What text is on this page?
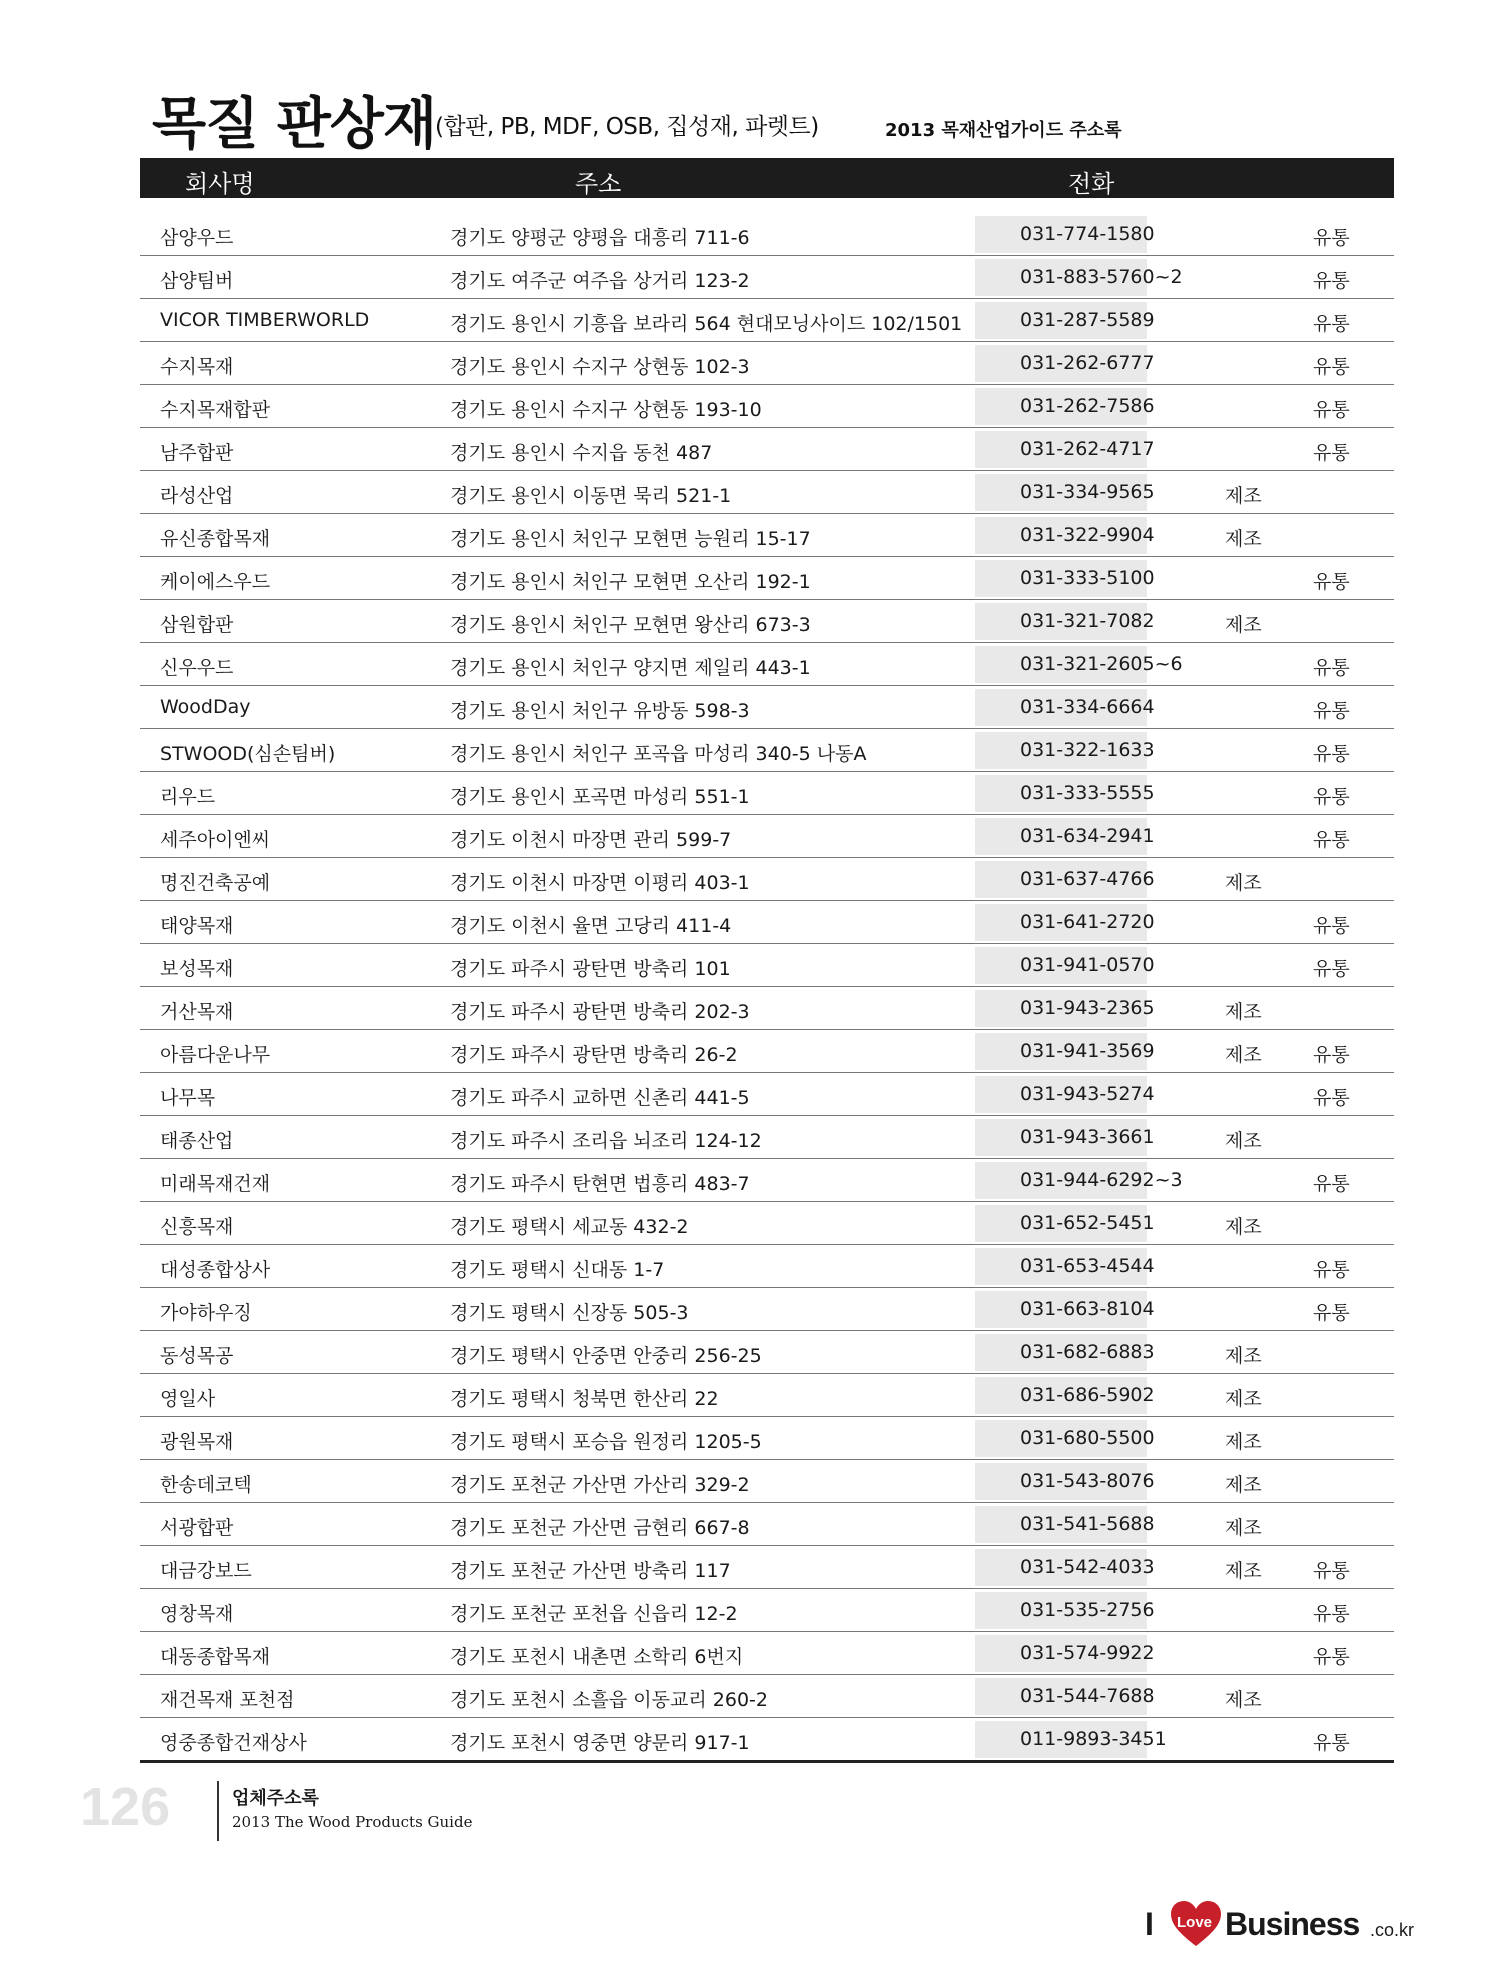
목질 판상재 (합판, PB, MDF, OSB, 집성재, 파렛트)	2013 목재산업가이드 주소록
회사명	주소	전화
삼양우드	경기도 양평군 양평읍 대흥리 711-6	031-774-1580	유통
삼양팀버	경기도 여주군 여주읍 상거리 123-2	031-883-5760~2	유통
VICOR TIMBERWORLD	경기도 용인시 기흥읍 보라리 564 현대모닝사이드 102/1501	031-287-5589	유통
수지목재	경기도 용인시 수지구 상현동 102-3	031-262-6777	유통
수지목재합판	경기도 용인시 수지구 상현동 193-10	031-262-7586	유통
남주합판	경기도 용인시 수지읍 동천 487	031-262-4717	유통
라성산업	경기도 용인시 이동면 묵리 521-1	031-334-9565	제조
유신종합목재	경기도 용인시 처인구 모현면 능원리 15-17	031-322-9904	제조
케이에스우드	경기도 용인시 처인구 모현면 오산리 192-1	031-333-5100	유통
삼원합판	경기도 용인시 처인구 모현면 왕산리 673-3	031-321-7082	제조
신우우드	경기도 용인시 처인구 양지면 제일리 443-1	031-321-2605~6	유통
WoodDay	경기도 용인시 처인구 유방동 598-3	031-334-6664	유통
STWOOD(심손팀버)	경기도 용인시 처인구 포곡읍 마성리 340-5 나동A	031-322-1633	유통
리우드	경기도 용인시 포곡면 마성리 551-1	031-333-5555	유통
세주아이엔씨	경기도 이천시 마장면 관리 599-7	031-634-2941	유통
명진건축공예	경기도 이천시 마장면 이평리 403-1	031-637-4766	제조
태양목재	경기도 이천시 율면 고당리 411-4	031-641-2720	유통
보성목재	경기도 파주시 광탄면 방축리 101	031-941-0570	유통
거산목재	경기도 파주시 광탄면 방축리 202-3	031-943-2365	제조
아름다운나무	경기도 파주시 광탄면 방축리 26-2	031-941-3569	제조	유통
나무목	경기도 파주시 교하면 신촌리 441-5	031-943-5274	유통
태종산업	경기도 파주시 조리읍 뇌조리 124-12	031-943-3661	제조
미래목재건재	경기도 파주시 탄현면 법흥리 483-7	031-944-6292~3	유통
신흥목재	경기도 평택시 세교동 432-2	031-652-5451	제조
대성종합상사	경기도 평택시 신대동 1-7	031-653-4544	유통
가야하우징	경기도 평택시 신장동 505-3	031-663-8104	유통
동성목공	경기도 평택시 안중면 안중리 256-25	031-682-6883	제조
영일사	경기도 평택시 청북면 한산리 22	031-686-5902	제조
광원목재	경기도 평택시 포승읍 원정리 1205-5	031-680-5500	제조
한송데코텍	경기도 포천군 가산면 가산리 329-2	031-543-8076	제조
서광합판	경기도 포천군 가산면 금현리 667-8	031-541-5688	제조
대금강보드	경기도 포천군 가산면 방축리 117	031-542-4033	제조	유통
영창목재	경기도 포천군 포천읍 신읍리 12-2	031-535-2756	유통
대동종합목재	경기도 포천시 내촌면 소학리 6번지	031-574-9922	유통
재건목재 포천점	경기도 포천시 소흘읍 이동교리 260-2	031-544-7688	제조
영중종합건재상사	경기도 포천시 영중면 양문리 917-1	011-9893-3451	유통
126	업체주소록
2013 The Wood Products Guide
I Love Business .co.kr
